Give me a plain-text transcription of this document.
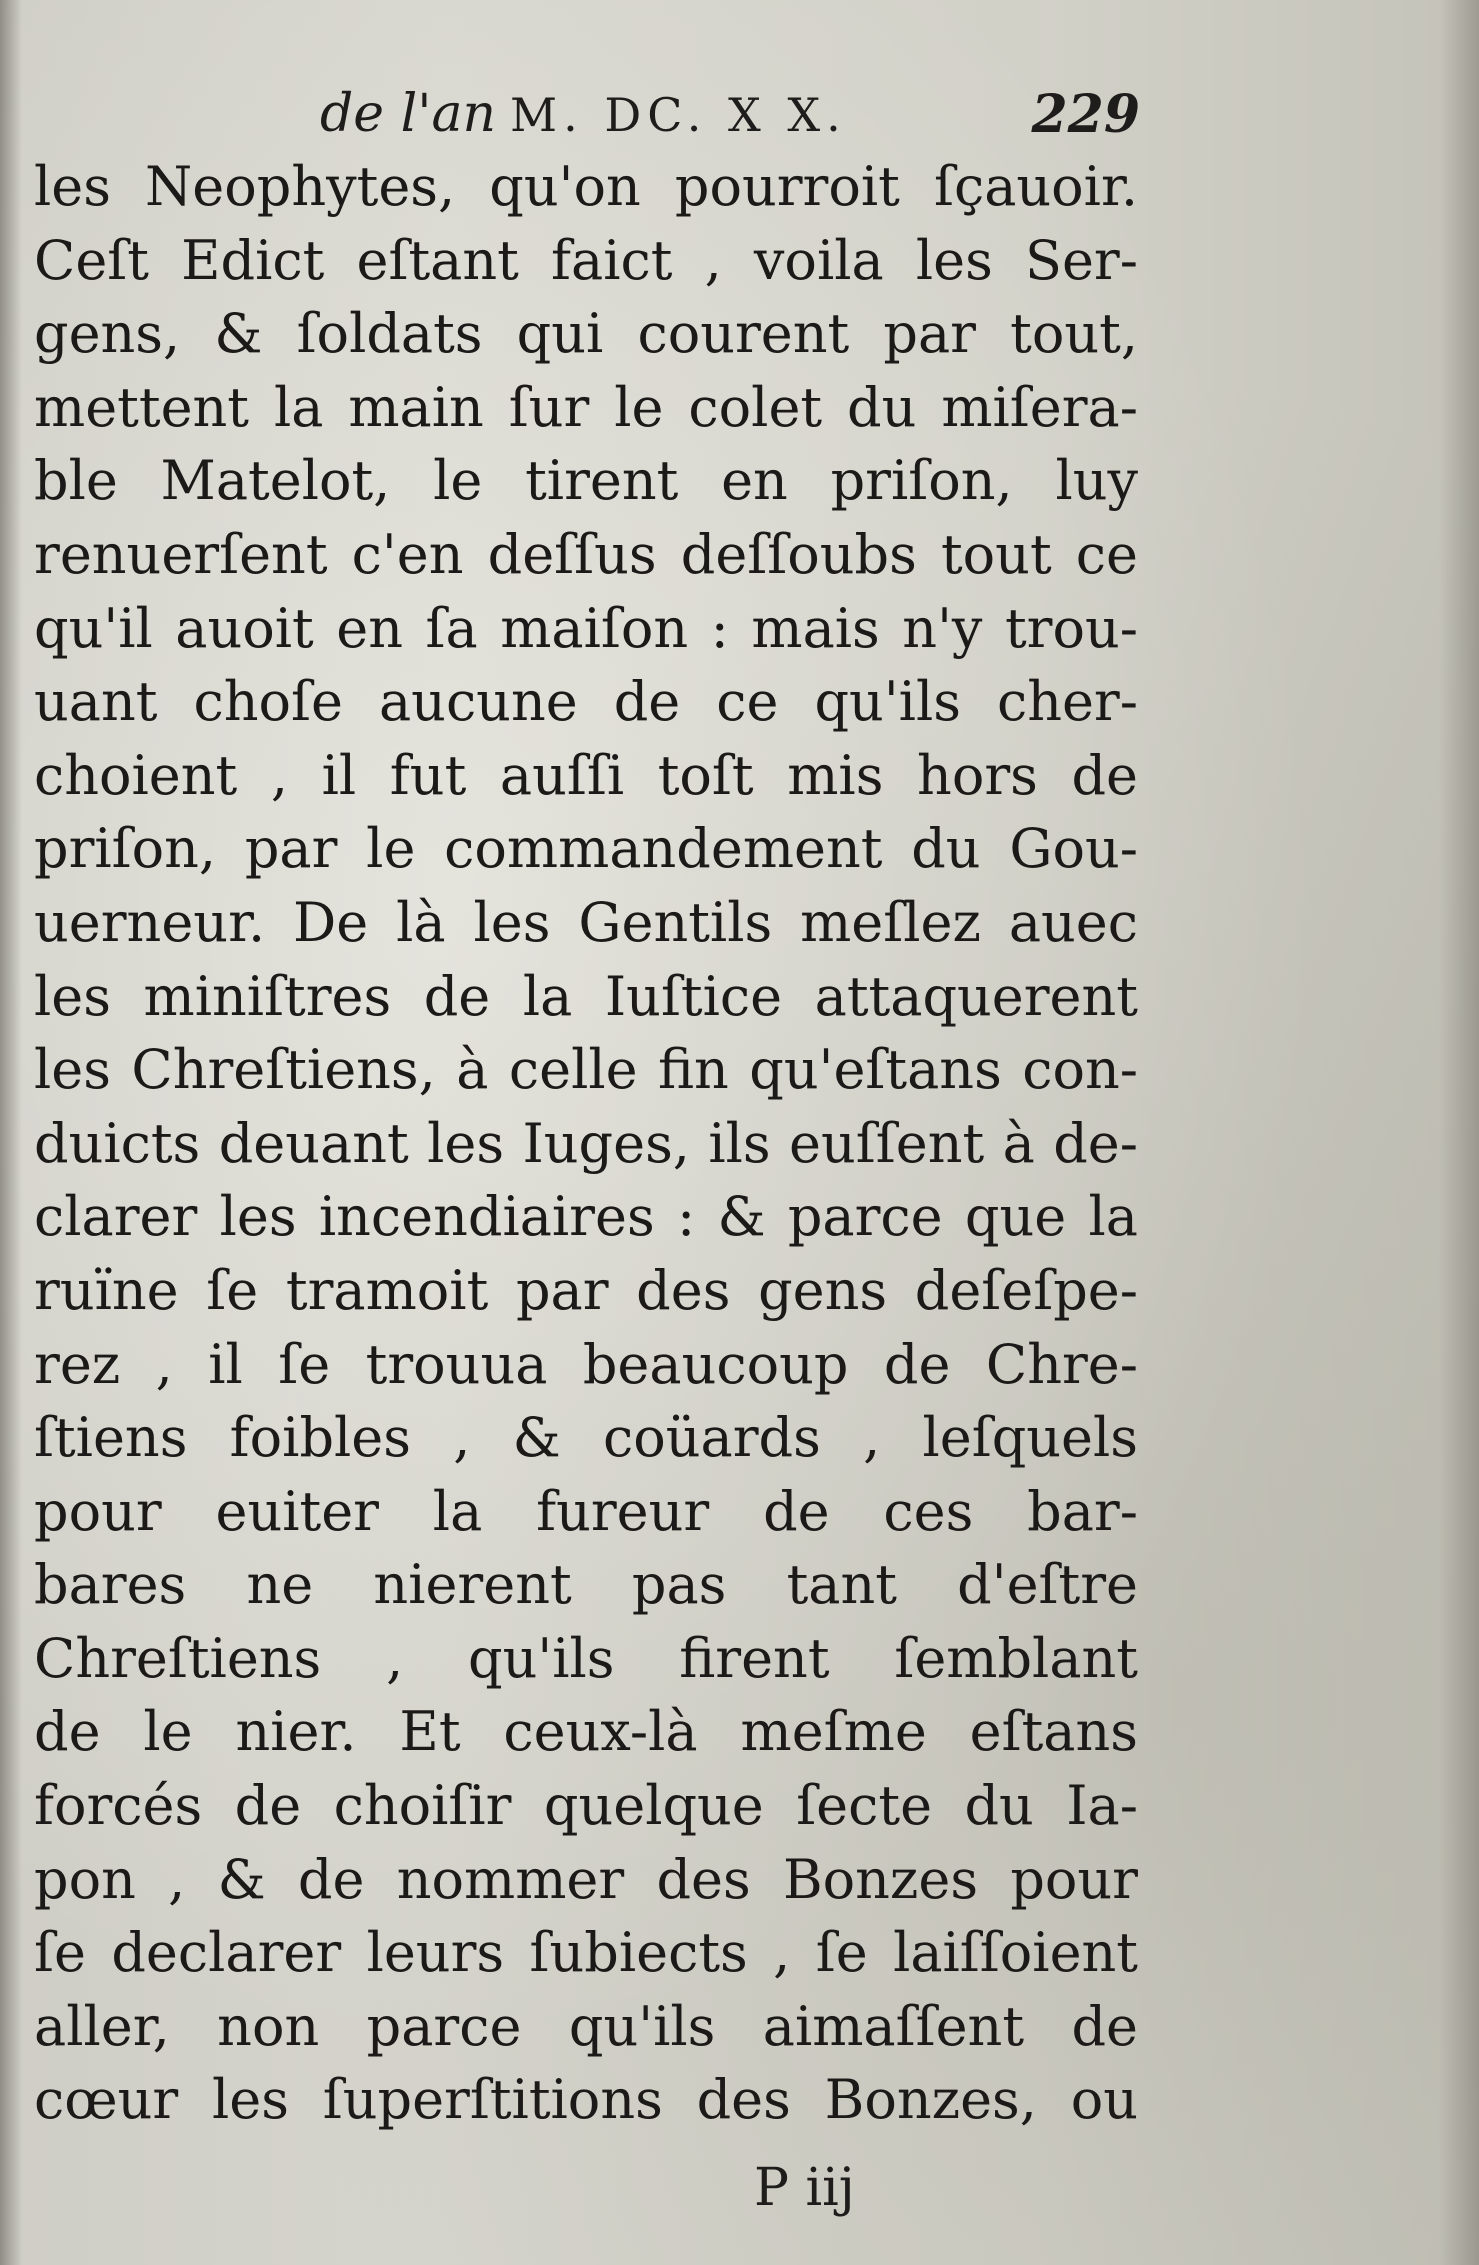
de l'an M. DC. X X.	229
les Neophytes, qu'on pourroit ſçauoir.
Ceſt Edict eſtant faict , voila les Ser-
gens, & ſoldats qui courent par tout,
mettent la main ſur le colet du miſera-
ble Matelot, le tirent en priſon, luy
renuerſent c'en deſſus deſſoubs tout ce
qu'il auoit en ſa maiſon : mais n'y trou-
uant choſe aucune de ce qu'ils cher-
choient , il fut auſſi toſt mis hors de
priſon, par le commandement du Gou-
uerneur. De là les Gentils meſlez auec
les miniſtres de la Iuſtice attaquerent
les Chreſtiens, à celle fin qu'eſtans con-
duicts deuant les Iuges, ils euſſent à de-
clarer les incendiaires : & parce que la
ruïne ſe tramoit par des gens deſeſpe-
rez , il ſe trouua beaucoup de Chre-
ſtiens foibles , & coüards , leſquels
pour euiter la fureur de ces bar-
bares ne nierent pas tant d'eſtre
Chreſtiens , qu'ils firent ſemblant
de le nier. Et ceux-là meſme eſtans
forcés de choiſir quelque ſecte du Ia-
pon , & de nommer des Bonzes pour
ſe declarer leurs ſubiects , ſe laiſſoient
aller, non parce qu'ils aimaſſent de
cœur les ſuperſtitions des Bonzes, ou
P iij
